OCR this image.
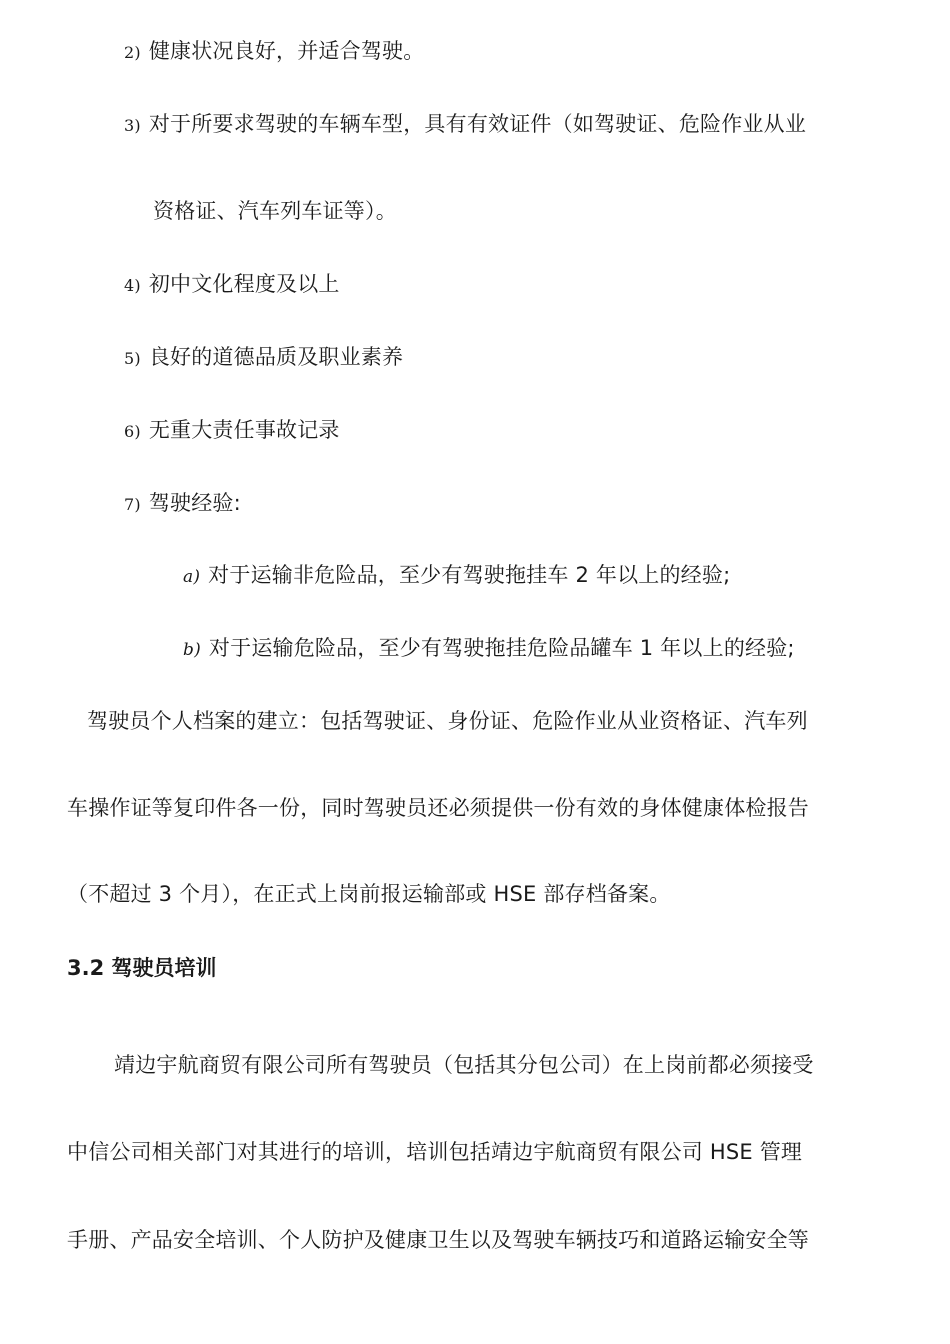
2) 健康状况良好，并适合驾驶。
3) 对于所要求驾驶的车辆车型，具有有效证件（如驾驶证、危险作业从业
资格证、汽车列车证等）。
4) 初中文化程度及以上
5) 良好的道德品质及职业素养
6) 无重大责任事故记录
7) 驾驶经验:
a) 对于运输非危险品，至少有驾驶拖挂车 2 年以上的经验;
b) 对于运输危险品，至少有驾驶拖挂危险品罐车 1 年以上的经验;
驾驶员个人档案的建立：包括驾驶证、身份证、危险作业从业资格证、汽车列
车操作证等复印件各一份，同时驾驶员还必须提供一份有效的身体健康体检报告
（不超过 3 个月），在正式上岗前报运输部或 HSE 部存档备案。
3.2 驾驶员培训
靖边宇航商贸有限公司所有驾驶员（包括其分包公司）在上岗前都必须接受
中信公司相关部门对其进行的培训，培训包括靖边宇航商贸有限公司 HSE 管理
手册、产品安全培训、个人防护及健康卫生以及驾驶车辆技巧和道路运输安全等
